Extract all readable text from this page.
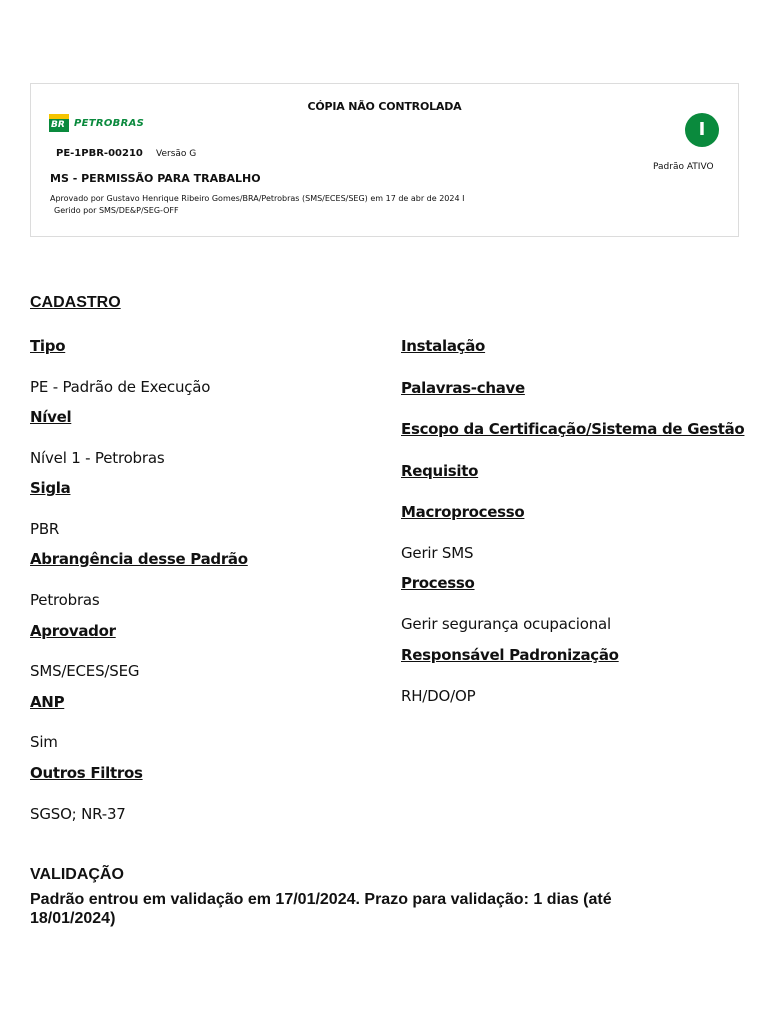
CÓPIA NÃO CONTROLADA
BR PETROBRAS
PE-1PBR-00210 Versão G
MS - PERMISSÃO PARA TRABALHO
Aprovado por Gustavo Henrique Ribeiro Gomes/BRA/Petrobras (SMS/ECES/SEG) em 17 de abr de 2024 I
Gerido por SMS/DE&P/SEG-OFF
I
Padrão ATIVO
CADASTRO
Tipo
PE - Padrão de Execução
Nível
Nível 1 - Petrobras
Sigla
PBR
Abrangência desse Padrão
Petrobras
Aprovador
SMS/ECES/SEG
ANP
Sim
Outros Filtros
SGSO; NR-37
Instalação
Palavras-chave
Escopo da Certificação/Sistema de Gestão
Requisito
Macroprocesso
Gerir SMS
Processo
Gerir segurança ocupacional
Responsável Padronização
RH/DO/OP
VALIDAÇÃO
Padrão entrou em validação em 17/01/2024. Prazo para validação: 1 dias (até 18/01/2024)
